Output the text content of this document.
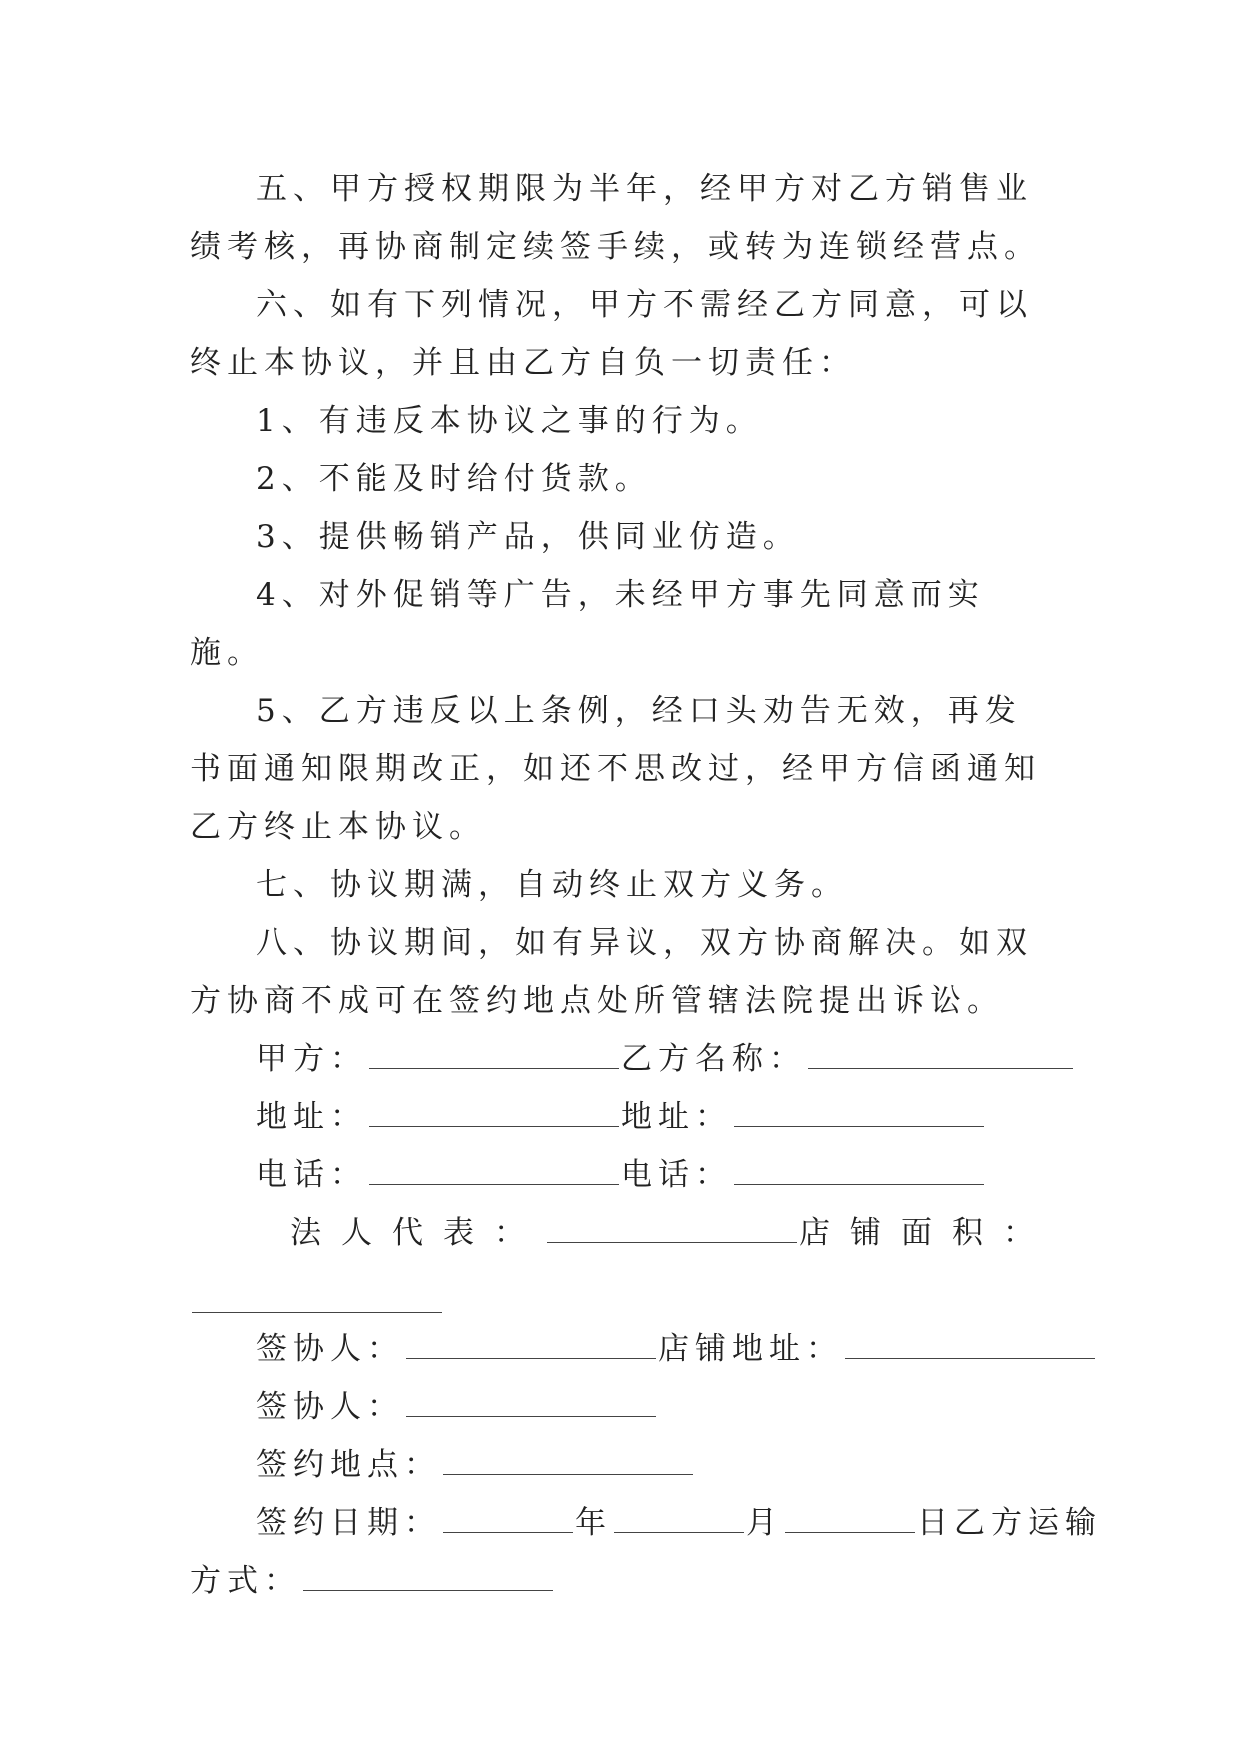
五、甲方授权期限为半年，经甲方对乙方销售业绩考核，再协商制定续签手续，或转为连锁经营点。

六、如有下列情况，甲方不需经乙方同意，可以终止本协议，并且由乙方自负一切责任：

1、有违反本协议之事的行为。

2、不能及时给付货款。

3、提供畅销产品，供同业仿造。

4、对外促销等广告，未经甲方事先同意而实施。

5、乙方违反以上条例，经口头劝告无效，再发书面通知限期改正，如还不思改过，经甲方信函通知乙方终止本协议。

七、协议期满，自动终止双方义务。

八、协议期间，如有异议，双方协商解决。如双方协商不成可在签约地点处所管辖法院提出诉讼。

甲方：	乙方名称：
地址：	地址：
电话：	电话：
法人代表：	店铺面积：
签协人：	店铺地址：
签协人：
签约地点：
签约日期：	年	月	日乙方运输
方式：
